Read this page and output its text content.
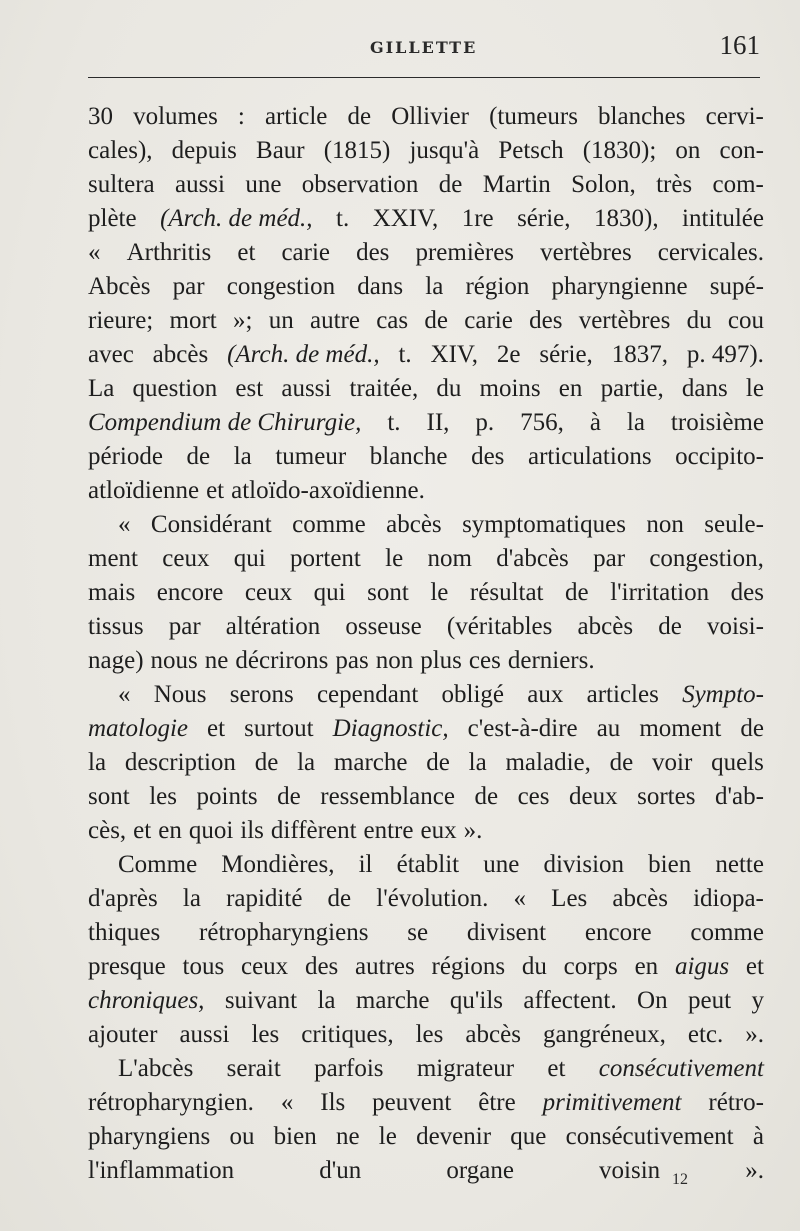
GILLETTE	161
30 volumes : article de Ollivier (tumeurs blanches cervi-
cales), depuis Baur (1815) jusqu'à Petsch (1830); on con-
sultera aussi une observation de Martin Solon, très com-
plète (Arch. de méd., t. XXIV, 1re série, 1830), intitulée
« Arthritis et carie des premières vertèbres cervicales.
Abcès par congestion dans la région pharyngienne supé-
rieure; mort »; un autre cas de carie des vertèbres du cou
avec abcès (Arch. de méd., t. XIV, 2e série, 1837, p. 497).
La question est aussi traitée, du moins en partie, dans le
Compendium de Chirurgie, t. II, p. 756, à la troisième
période de la tumeur blanche des articulations occipito-
atloïdienne et atloïdo-axoïdienne.
« Considérant comme abcès symptomatiques non seule-
ment ceux qui portent le nom d'abcès par congestion,
mais encore ceux qui sont le résultat de l'irritation des
tissus par altération osseuse (véritables abcès de voisi-
nage) nous ne décrirons pas non plus ces derniers.
« Nous serons cependant obligé aux articles Sympto-
matologie et surtout Diagnostic, c'est-à-dire au moment de
la description de la marche de la maladie, de voir quels
sont les points de ressemblance de ces deux sortes d'ab-
cès, et en quoi ils diffèrent entre eux ».
Comme Mondières, il établit une division bien nette
d'après la rapidité de l'évolution. « Les abcès idiopa-
thiques rétropharyngiens se divisent encore comme
presque tous ceux des autres régions du corps en aigus et
chroniques, suivant la marche qu'ils affectent. On peut y
ajouter aussi les critiques, les abcès gangréneux, etc. ».
L'abcès serait parfois migrateur et consécutivement
rétropharyngien. « Ils peuvent être primitivement rétro-
pharyngiens ou bien ne le devenir que consécutivement à
l'inflammation	d'un	organe	voisin	».
12
